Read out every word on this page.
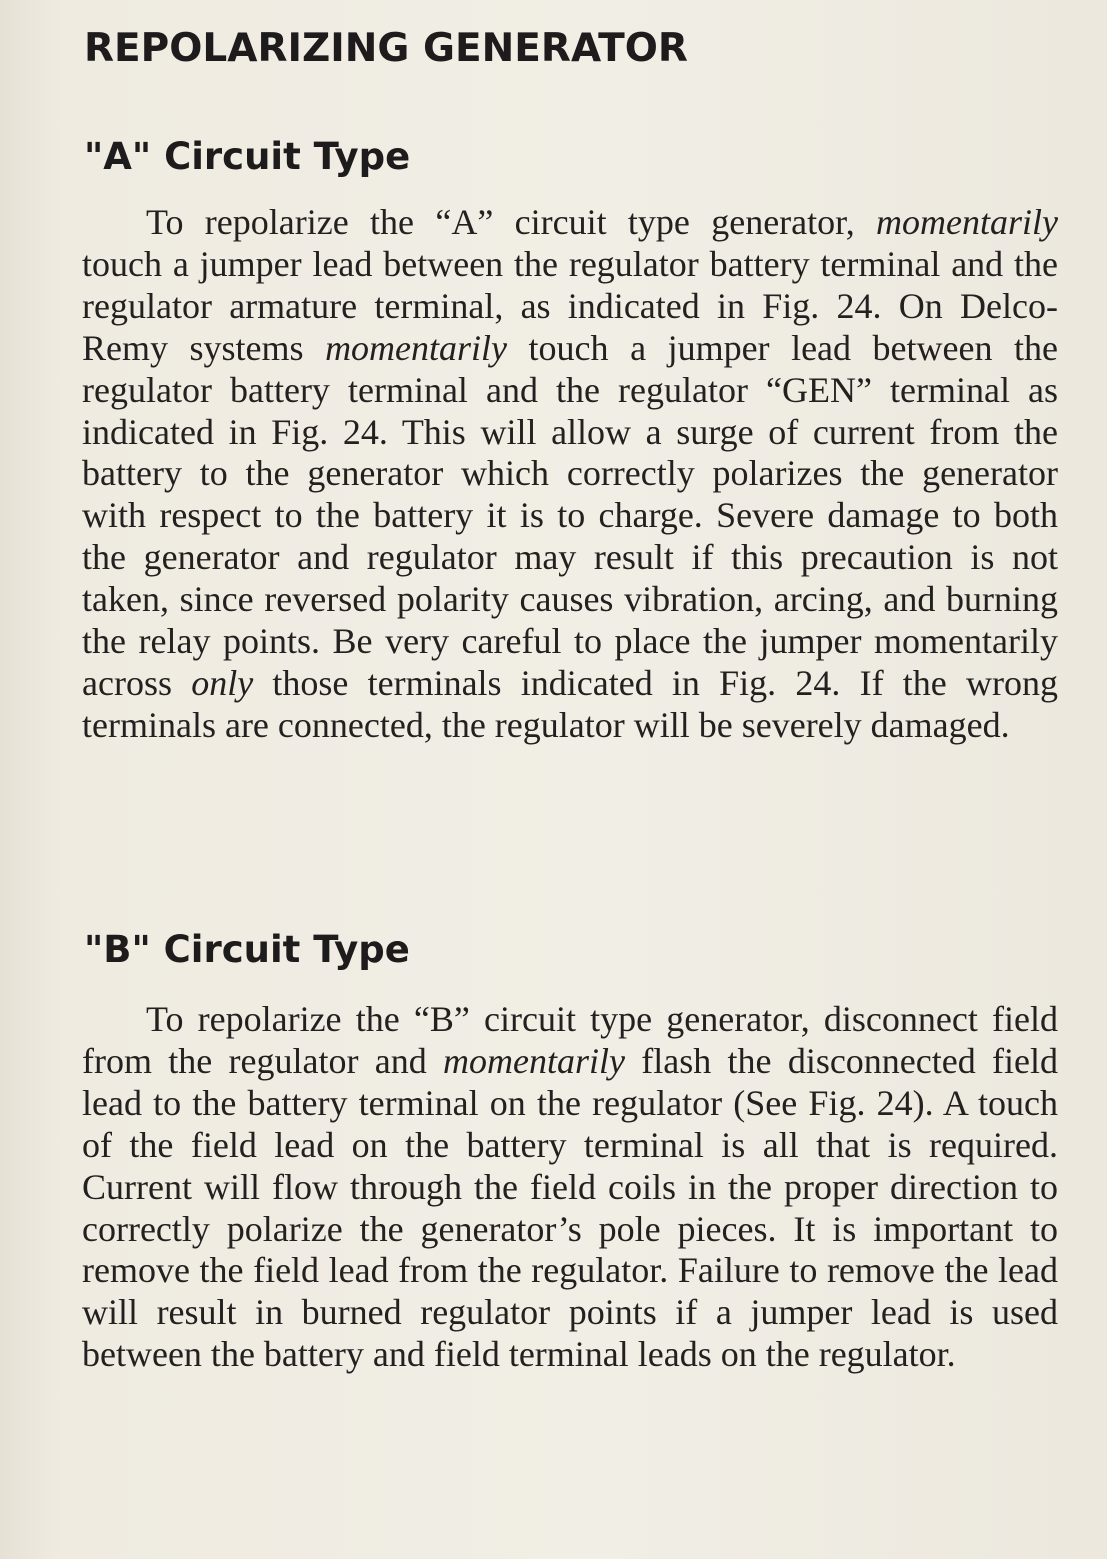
REPOLARIZING GENERATOR
"A" Circuit Type

To repolarize the “A” circuit type generator, momentarily touch a jumper lead between the regulator battery terminal and the regulator armature terminal, as indicated in Fig. 24. On Delco-Remy systems momentarily touch a jumper lead between the regulator battery terminal and the regulator “GEN” terminal as indicated in Fig. 24. This will allow a surge of current from the battery to the generator which correctly polarizes the generator with respect to the battery it is to charge. Severe damage to both the generator and regulator may result if this precaution is not taken, since reversed polarity causes vibration, arcing, and burning the relay points. Be very careful to place the jumper momentarily across only those terminals indicated in Fig. 24. If the wrong terminals are connected, the regulator will be severely damaged.

"B" Circuit Type

To repolarize the “B” circuit type generator, disconnect field from the regulator and momentarily flash the disconnected field lead to the battery terminal on the regulator (See Fig. 24). A touch of the field lead on the battery terminal is all that is required. Current will flow through the field coils in the proper direction to correctly polarize the generator’s pole pieces. It is important to remove the field lead from the regulator. Failure to remove the lead will result in burned regulator points if a jumper lead is used between the battery and field terminal leads on the regulator.
